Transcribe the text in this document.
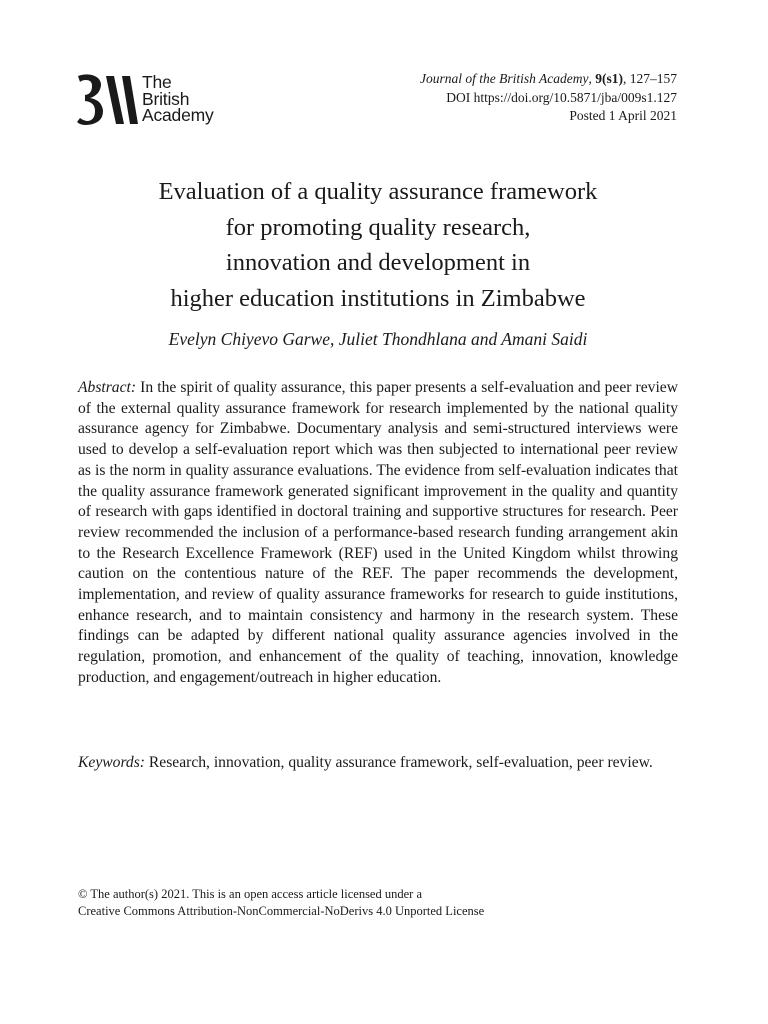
The
British
Academy
Journal of the British Academy, 9(s1), 127–157
DOI https://doi.org/10.5871/jba/009s1.127
Posted 1 April 2021
Evaluation of a quality assurance framework
for promoting quality research,
innovation and development in
higher education institutions in Zimbabwe
Evelyn Chiyevo Garwe, Juliet Thondhlana and Amani Saidi

Abstract: In the spirit of quality assurance, this paper presents a self-evaluation and peer review of the external quality assurance framework for research implemented by the national quality assurance agency for Zimbabwe. Documentary analysis and semi-structured interviews were used to develop a self-evaluation report which was then subjected to international peer review as is the norm in quality assurance evaluations. The evidence from self-evaluation indicates that the quality assurance framework generated significant improvement in the quality and quantity of research with gaps identified in doctoral training and supportive structures for research. Peer review recommended the inclusion of a performance-based research funding arrangement akin to the Research Excellence Framework (REF) used in the United Kingdom whilst throwing caution on the contentious nature of the REF. The paper recommends the development, implementation, and review of quality assurance frameworks for research to guide institutions, enhance research, and to maintain consistency and harmony in the research system. These findings can be adapted by different national quality assurance agencies involved in the regulation, promotion, and enhancement of the quality of teaching, innovation, knowledge production, and engagement/​outreach in higher education.

Keywords: Research, innovation, quality assurance framework, self-evaluation, peer review.

© The author(s) 2021. This is an open access article licensed under a
Creative Commons Attribution-NonCommercial-NoDerivs 4.0 Unported License
